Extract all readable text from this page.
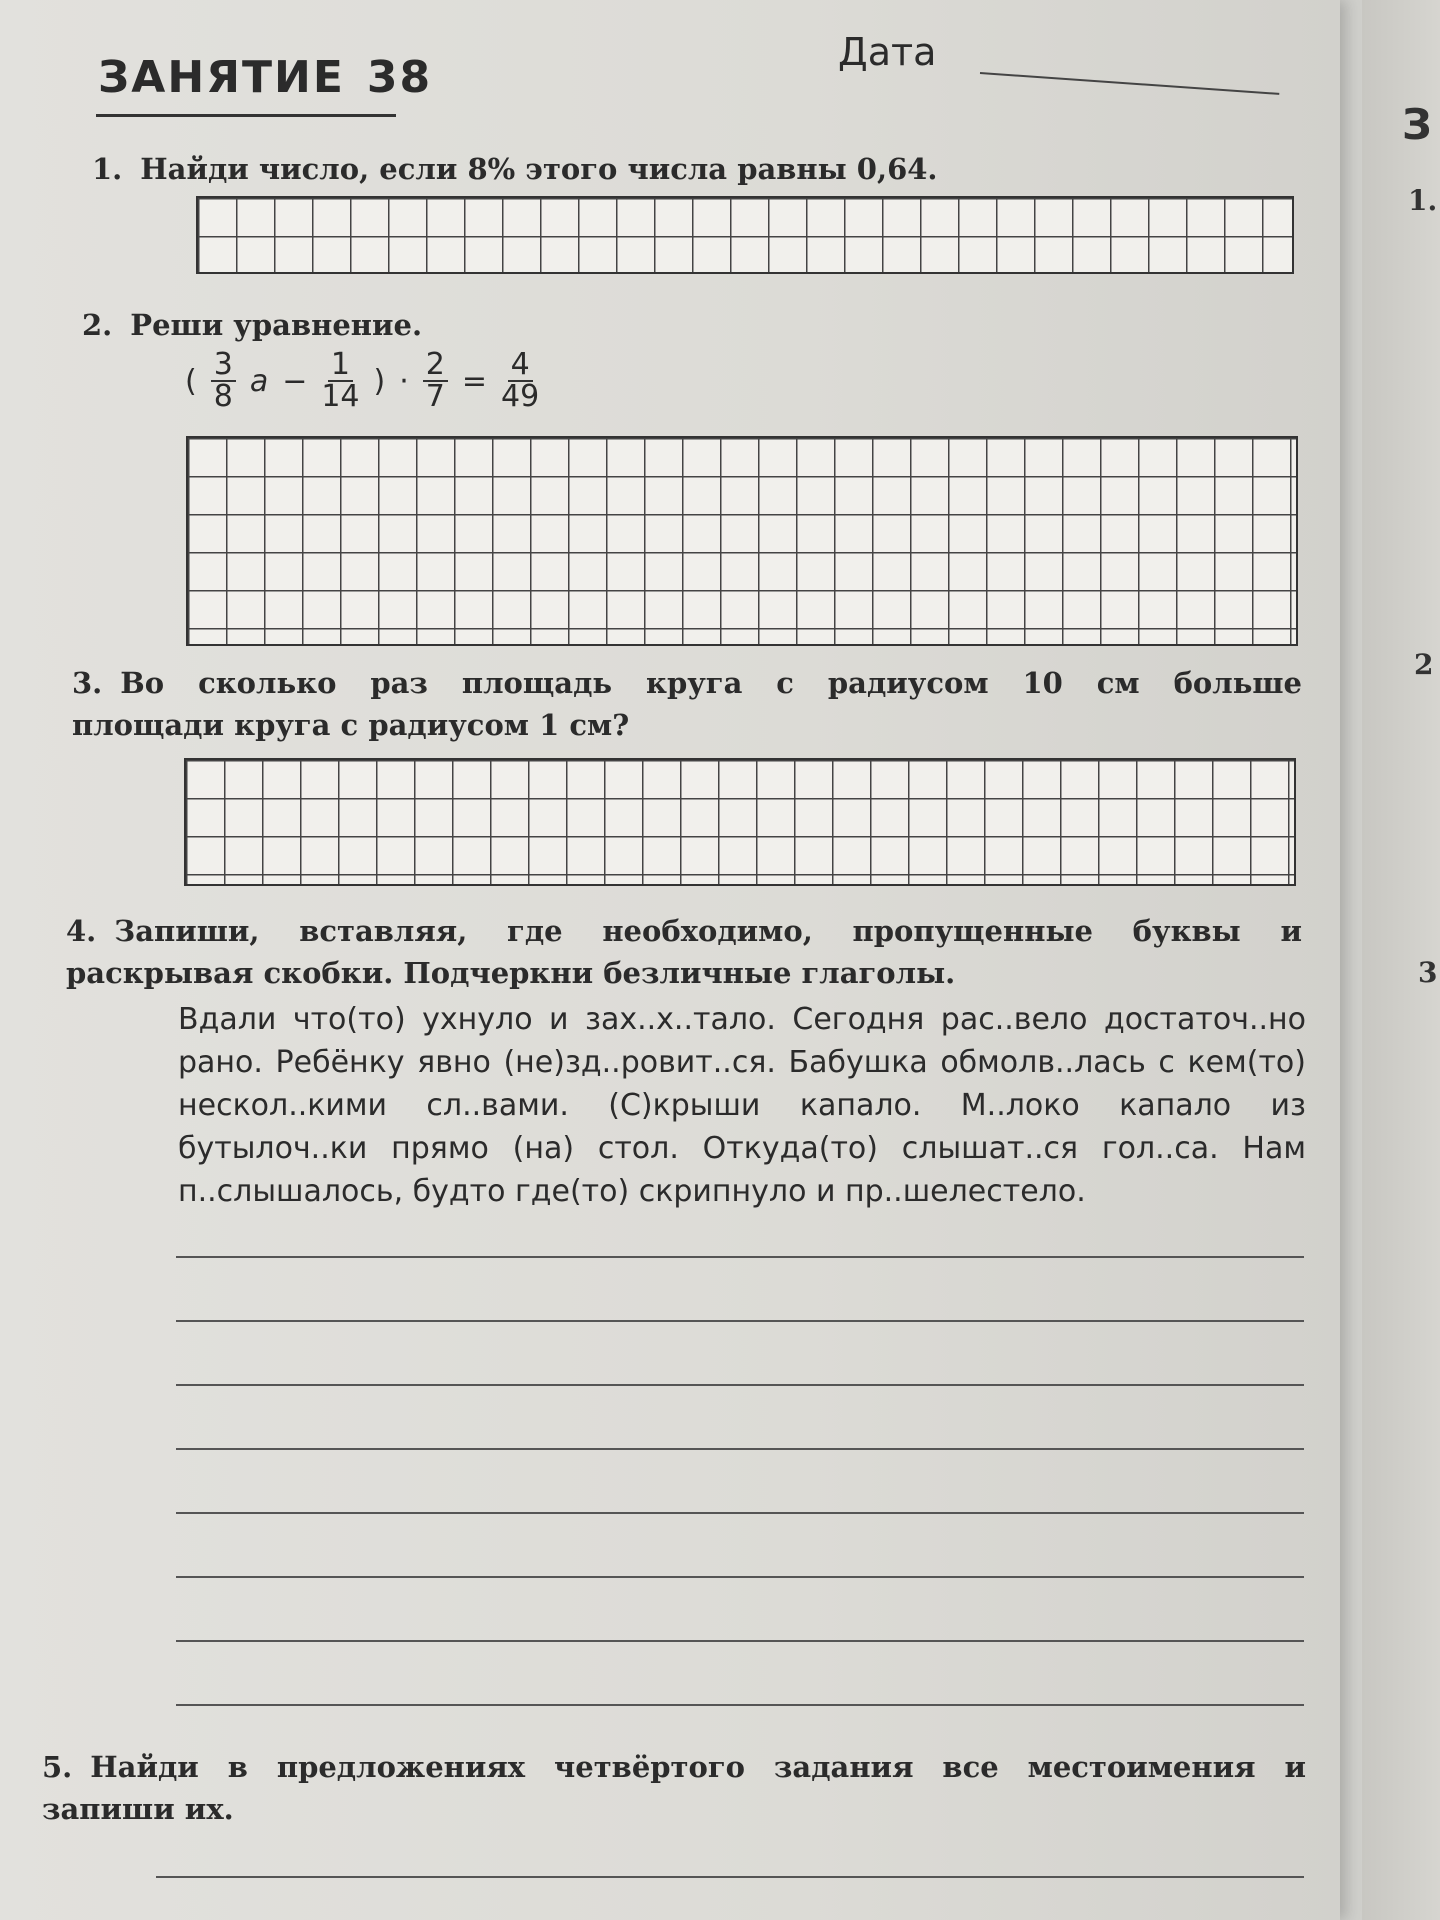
ЗАНЯТИЕ 38	Дата
1. Найди число, если 8% этого числа равны 0,64.
2. Реши уравнение.
( $\frac{3}{8}$ $a - \frac{1}{14}$ ) · $\frac{2}{7} = \frac{4}{49}$
3. Во сколько раз площадь круга с радиусом 10 см больше
площади круга с радиусом 1 см?
4. Запиши, вставляя, где необходимо, пропущенные буквы и
раскрывая скобки. Подчеркни безличные глаголы.
Вдали что(то) ухнуло и зах..х..тало. Сегодня рас..вело достаточ..но рано. Ребёнку явно (не)зд..ровит..ся. Бабушка обмолв..лась с кем(то) нескол..кими сл..вами. (С)крыши капало. М..локо капало из бутылоч..ки прямо (на) стол. Откуда(то) слышат..ся гол..са. Нам п..слышалось, будто где(то) скрипнуло и пр..шелестело.
5. Найди в предложениях четвёртого задания все местоимения и
запиши их.
З
1.
2
3
